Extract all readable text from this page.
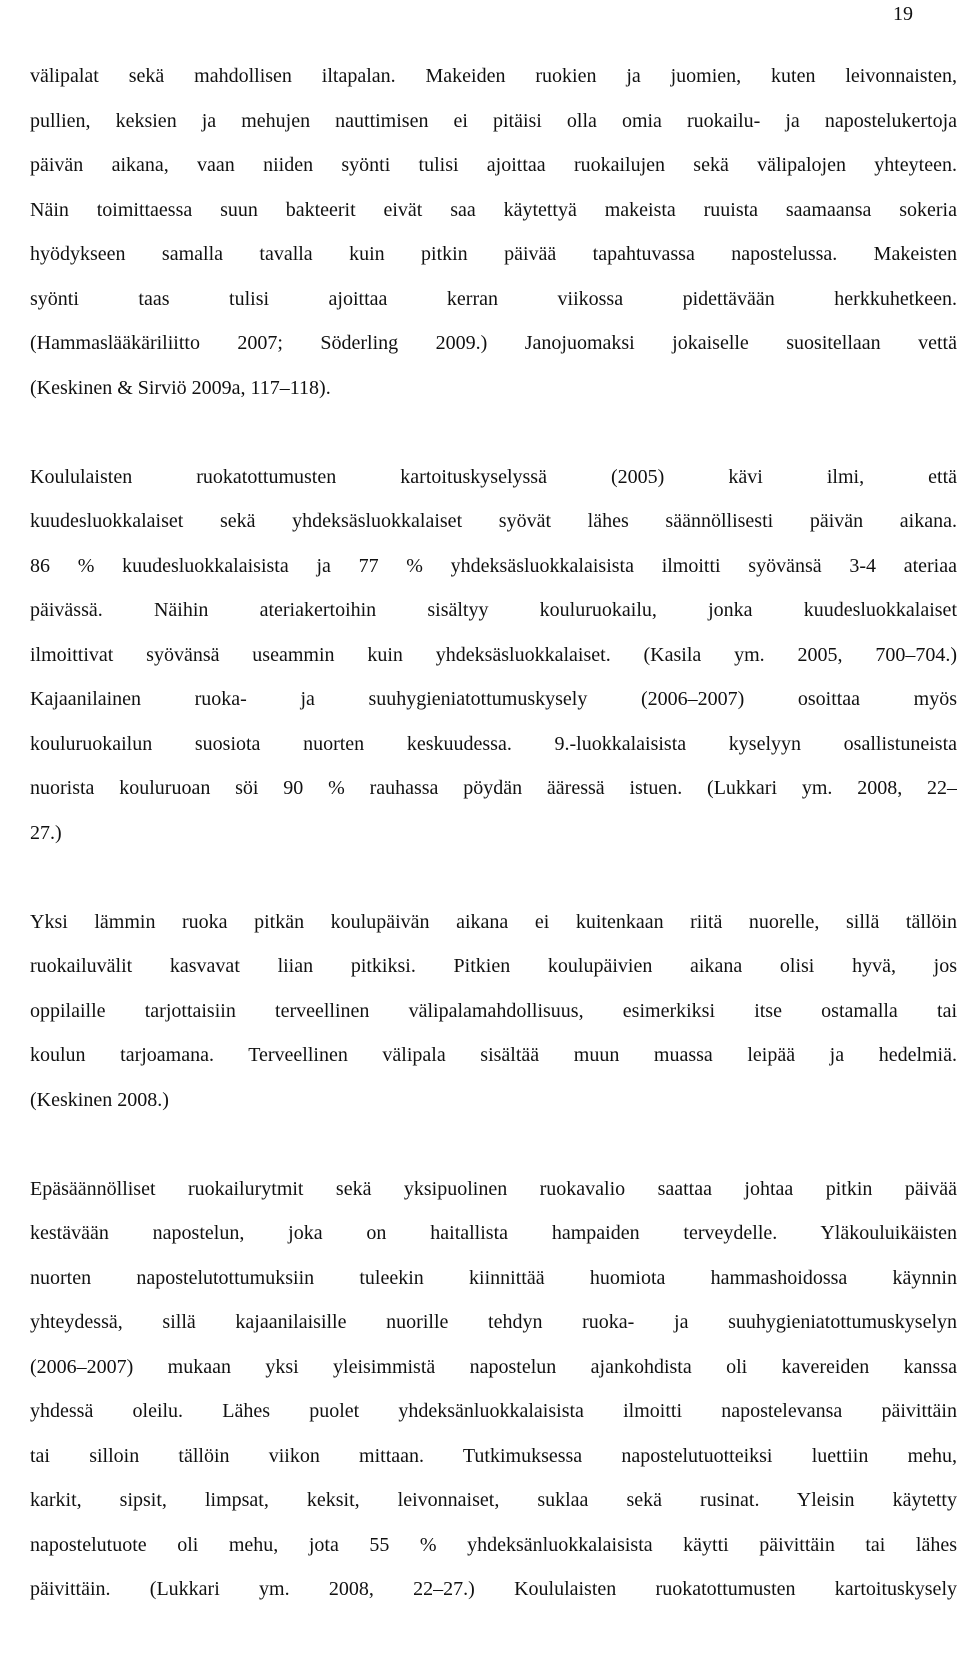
19
välipalat sekä mahdollisen iltapalan. Makeiden ruokien ja juomien, kuten leivonnaisten,
pullien, keksien ja mehujen nauttimisen ei pitäisi olla omia ruokailu- ja napostelukertoja
päivän aikana, vaan niiden syönti tulisi ajoittaa ruokailujen sekä välipalojen yhteyteen.
Näin toimittaessa suun bakteerit eivät saa käytettyä makeista ruuista saamaansa sokeria
hyödykseen samalla tavalla kuin pitkin päivää tapahtuvassa napostelussa. Makeisten
syönti taas tulisi ajoittaa kerran viikossa pidettävään herkkuhetkeen.
(Hammaslääkäriliitto 2007; Söderling 2009.) Janojuomaksi jokaiselle suositellaan vettä
(Keskinen & Sirviö 2009a, 117–118).
Koululaisten ruokatottumusten kartoituskyselyssä (2005) kävi ilmi, että
kuudesluokkalaiset sekä yhdeksäsluokkalaiset syövät lähes säännöllisesti päivän aikana.
86 % kuudesluokkalaisista ja 77 % yhdeksäsluokkalaisista ilmoitti syövänsä 3-4 ateriaa
päivässä. Näihin ateriakertoihin sisältyy kouluruokailu, jonka kuudesluokkalaiset
ilmoittivat syövänsä useammin kuin yhdeksäsluokkalaiset. (Kasila ym. 2005, 700–704.)
Kajaanilainen ruoka- ja suuhygieniatottumuskysely (2006–2007) osoittaa myös
kouluruokailun suosiota nuorten keskuudessa. 9.-luokkalaisista kyselyyn osallistuneista
nuorista kouluruoan söi 90 % rauhassa pöydän ääressä istuen. (Lukkari ym. 2008, 22–
27.)
Yksi lämmin ruoka pitkän koulupäivän aikana ei kuitenkaan riitä nuorelle, sillä tällöin
ruokailuvälit kasvavat liian pitkiksi. Pitkien koulupäivien aikana olisi hyvä, jos
oppilaille tarjottaisiin terveellinen välipalamahdollisuus, esimerkiksi itse ostamalla tai
koulun tarjoamana. Terveellinen välipala sisältää muun muassa leipää ja hedelmiä.
(Keskinen 2008.)
Epäsäännölliset ruokailurytmit sekä yksipuolinen ruokavalio saattaa johtaa pitkin päivää
kestävään napostelun, joka on haitallista hampaiden terveydelle. Yläkouluikäisten
nuorten napostelutottumuksiin tuleekin kiinnittää huomiota hammashoidossa käynnin
yhteydessä, sillä kajaanilaisille nuorille tehdyn ruoka- ja suuhygieniatottumuskyselyn
(2006–2007) mukaan yksi yleisimmistä napostelun ajankohdista oli kavereiden kanssa
yhdessä oleilu. Lähes puolet yhdeksänluokkalaisista ilmoitti napostelevansa päivittäin
tai silloin tällöin viikon mittaan. Tutkimuksessa napostelutuotteiksi luettiin mehu,
karkit, sipsit, limpsat, keksit, leivonnaiset, suklaa sekä rusinat. Yleisin käytetty
napostelutuote oli mehu, jota 55 % yhdeksänluokkalaisista käytti päivittäin tai lähes
päivittäin. (Lukkari ym. 2008, 22–27.) Koululaisten ruokatottumusten kartoituskysely
